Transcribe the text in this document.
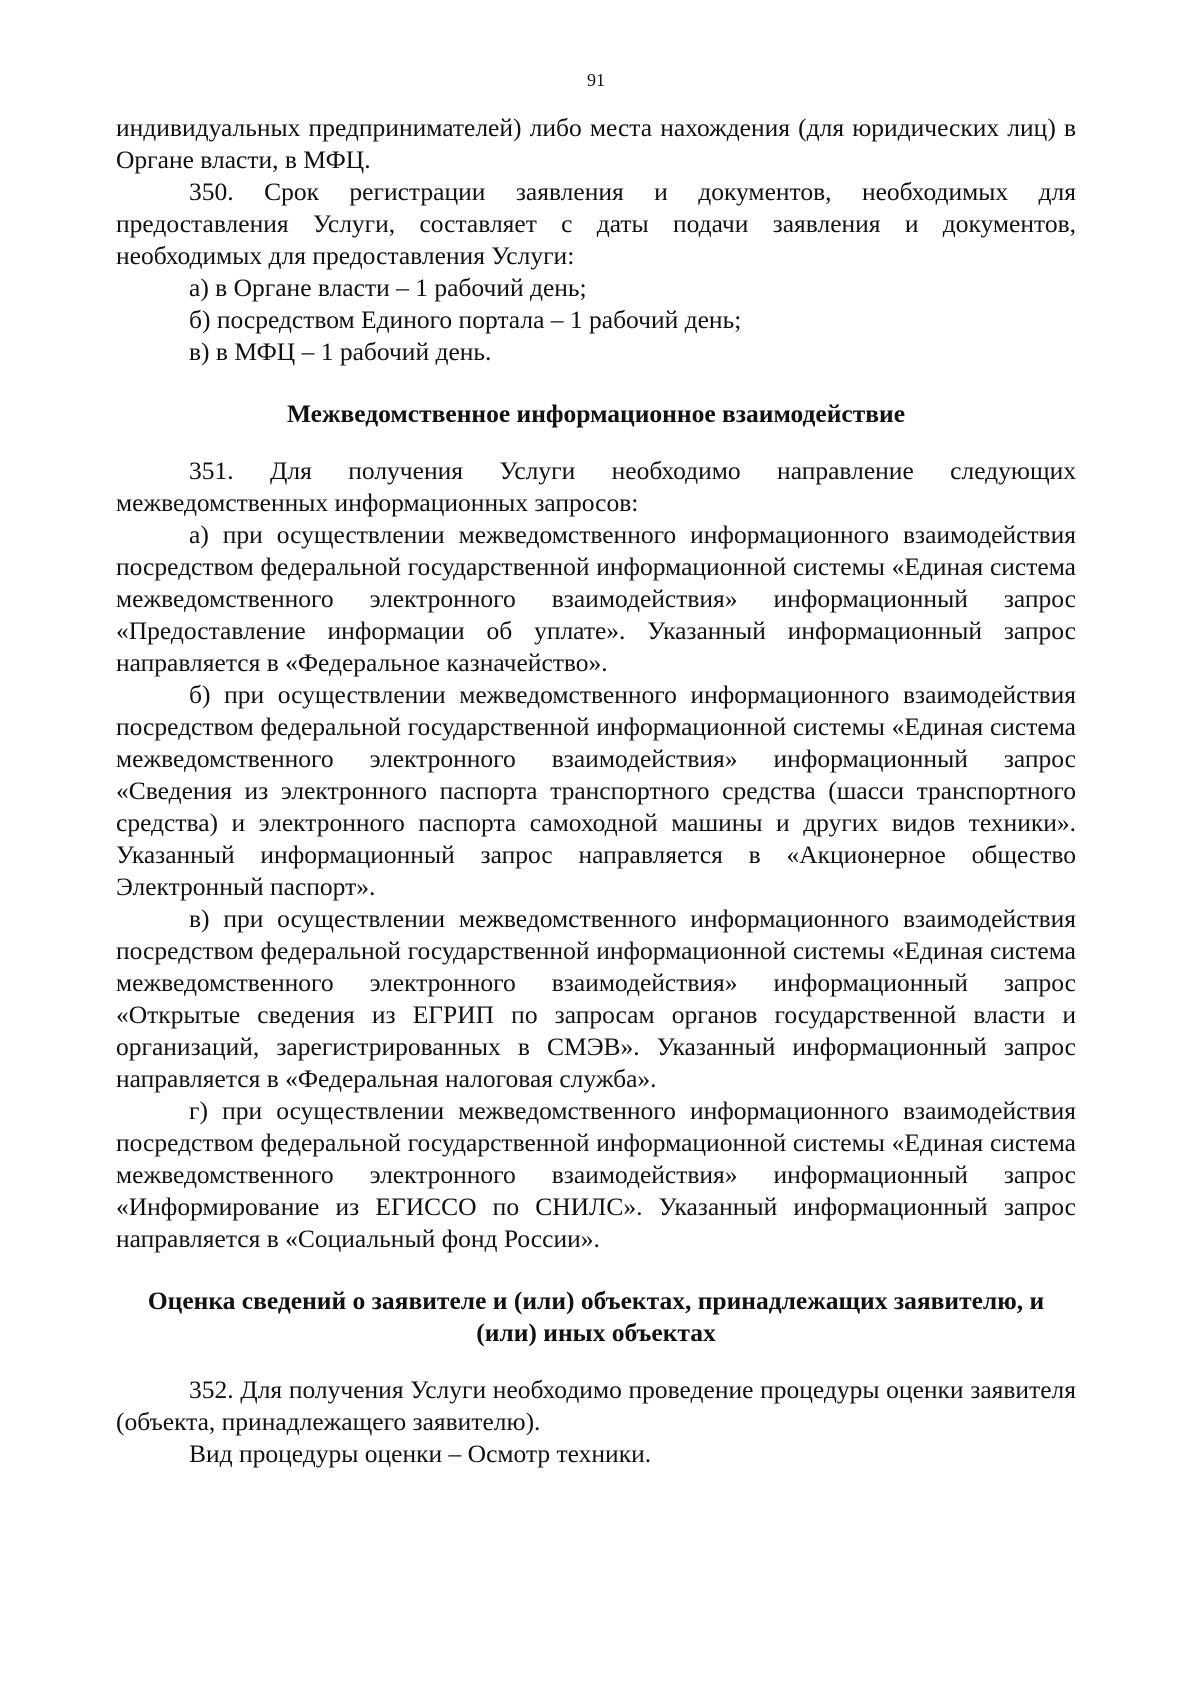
91

индивидуальных предпринимателей) либо места нахождения (для юридических лиц) в Органе власти, в МФЦ.

350. Срок регистрации заявления и документов, необходимых для предоставления Услуги, составляет с даты подачи заявления и документов, необходимых для предоставления Услуги:

а) в Органе власти – 1 рабочий день;

б) посредством Единого портала – 1 рабочий день;

в) в МФЦ – 1 рабочий день.

Межведомственное информационное взаимодействие

351. Для получения Услуги необходимо направление следующих межведомственных информационных запросов:

а) при осуществлении межведомственного информационного взаимодействия посредством федеральной государственной информационной системы «Единая система межведомственного электронного взаимодействия» информационный запрос «Предоставление информации об уплате». Указанный информационный запрос направляется в «Федеральное казначейство».

б) при осуществлении межведомственного информационного взаимодействия посредством федеральной государственной информационной системы «Единая система межведомственного электронного взаимодействия» информационный запрос «Сведения из электронного паспорта транспортного средства (шасси транспортного средства) и электронного паспорта самоходной машины и других видов техники». Указанный информационный запрос направляется в «Акционерное общество Электронный паспорт».

в) при осуществлении межведомственного информационного взаимодействия посредством федеральной государственной информационной системы «Единая система межведомственного электронного взаимодействия» информационный запрос «Открытые сведения из ЕГРИП по запросам органов государственной власти и организаций, зарегистрированных в СМЭВ». Указанный информационный запрос направляется в «Федеральная налоговая служба».

г) при осуществлении межведомственного информационного взаимодействия посредством федеральной государственной информационной системы «Единая система межведомственного электронного взаимодействия» информационный запрос «Информирование из ЕГИССО по СНИЛС». Указанный информационный запрос направляется в «Социальный фонд России».

Оценка сведений о заявителе и (или) объектах, принадлежащих заявителю, и (или) иных объектах

352. Для получения Услуги необходимо проведение процедуры оценки заявителя (объекта, принадлежащего заявителю).

Вид процедуры оценки – Осмотр техники.
